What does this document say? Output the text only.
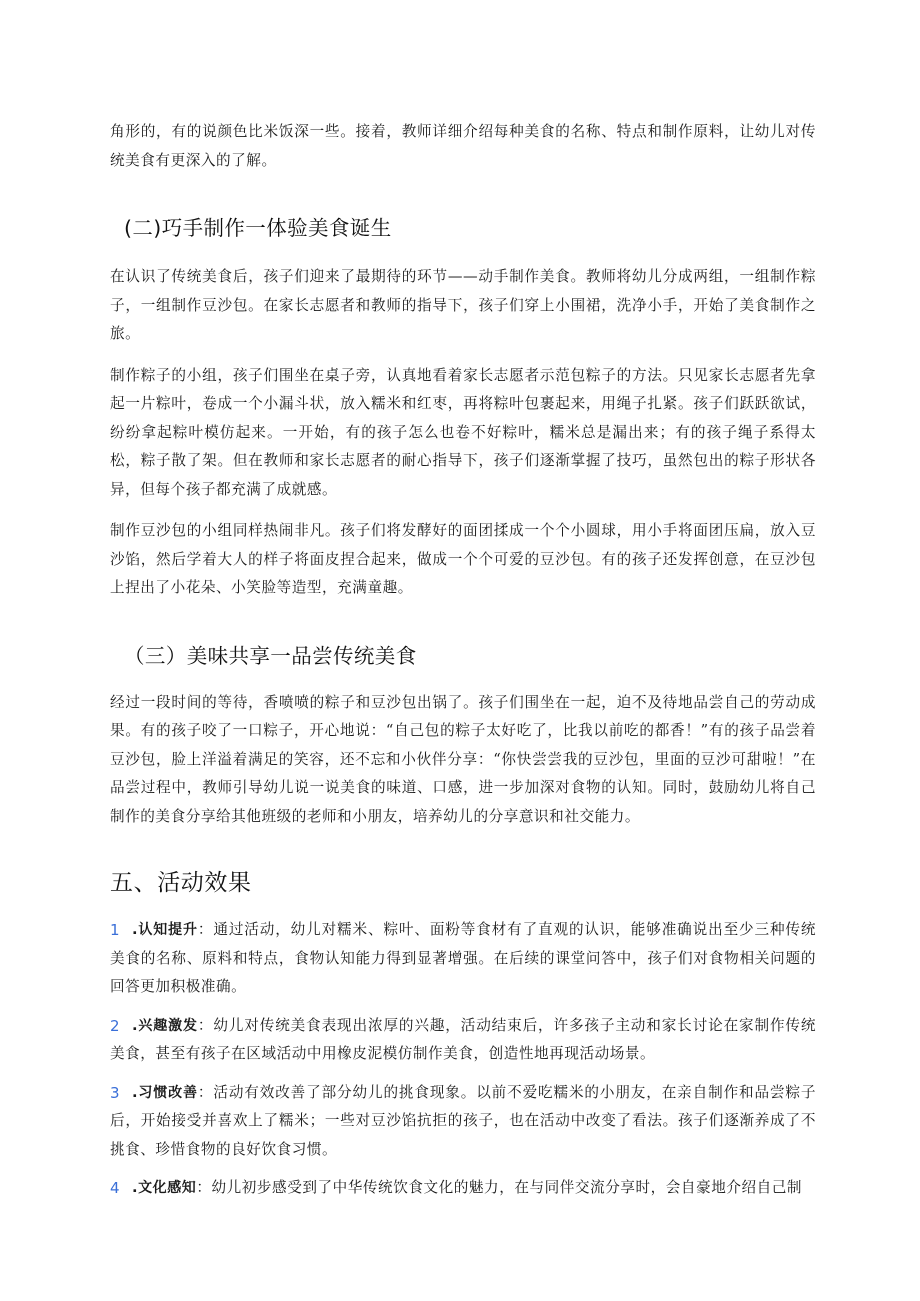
角形的，有的说颜色比米饭深一些。接着，教师详细介绍每种美食的名称、特点和制作原料，让幼儿对传统美食有更深入的了解。

(二)巧手制作一体验美食诞生

在认识了传统美食后，孩子们迎来了最期待的环节——动手制作美食。教师将幼儿分成两组，一组制作粽子，一组制作豆沙包。在家长志愿者和教师的指导下，孩子们穿上小围裙，洗净小手，开始了美食制作之旅。

制作粽子的小组，孩子们围坐在桌子旁，认真地看着家长志愿者示范包粽子的方法。只见家长志愿者先拿起一片粽叶，卷成一个小漏斗状，放入糯米和红枣，再将粽叶包裹起来，用绳子扎紧。孩子们跃跃欲试，纷纷拿起粽叶模仿起来。一开始，有的孩子怎么也卷不好粽叶，糯米总是漏出来；有的孩子绳子系得太松，粽子散了架。但在教师和家长志愿者的耐心指导下，孩子们逐渐掌握了技巧，虽然包出的粽子形状各异，但每个孩子都充满了成就感。

制作豆沙包的小组同样热闹非凡。孩子们将发酵好的面团揉成一个个小圆球，用小手将面团压扁，放入豆沙馅，然后学着大人的样子将面皮捏合起来，做成一个个可爱的豆沙包。有的孩子还发挥创意，在豆沙包上捏出了小花朵、小笑脸等造型，充满童趣。

（三）美味共享一品尝传统美食

经过一段时间的等待，香喷喷的粽子和豆沙包出锅了。孩子们围坐在一起，迫不及待地品尝自己的劳动成果。有的孩子咬了一口粽子，开心地说：“自己包的粽子太好吃了，比我以前吃的都香！”有的孩子品尝着豆沙包，脸上洋溢着满足的笑容，还不忘和小伙伴分享：“你快尝尝我的豆沙包，里面的豆沙可甜啦！”在品尝过程中，教师引导幼儿说一说美食的味道、口感，进一步加深对食物的认知。同时，鼓励幼儿将自己制作的美食分享给其他班级的老师和小朋友，培养幼儿的分享意识和社交能力。

五、活动效果
1 .认知提升：通过活动，幼儿对糯米、粽叶、面粉等食材有了直观的认识，能够准确说出至少三种传统美食的名称、原料和特点，食物认知能力得到显著增强。在后续的课堂问答中，孩子们对食物相关问题的回答更加积极准确。

2 .兴趣激发：幼儿对传统美食表现出浓厚的兴趣，活动结束后，许多孩子主动和家长讨论在家制作传统美食，甚至有孩子在区域活动中用橡皮泥模仿制作美食，创造性地再现活动场景。

3 .习惯改善：活动有效改善了部分幼儿的挑食现象。以前不爱吃糯米的小朋友，在亲自制作和品尝粽子后，开始接受并喜欢上了糯米；一些对豆沙馅抗拒的孩子，也在活动中改变了看法。孩子们逐渐养成了不挑食、珍惜食物的良好饮食习惯。

4 .文化感知：幼儿初步感受到了中华传统饮食文化的魅力，在与同伴交流分享时，会自豪地介绍自己制
